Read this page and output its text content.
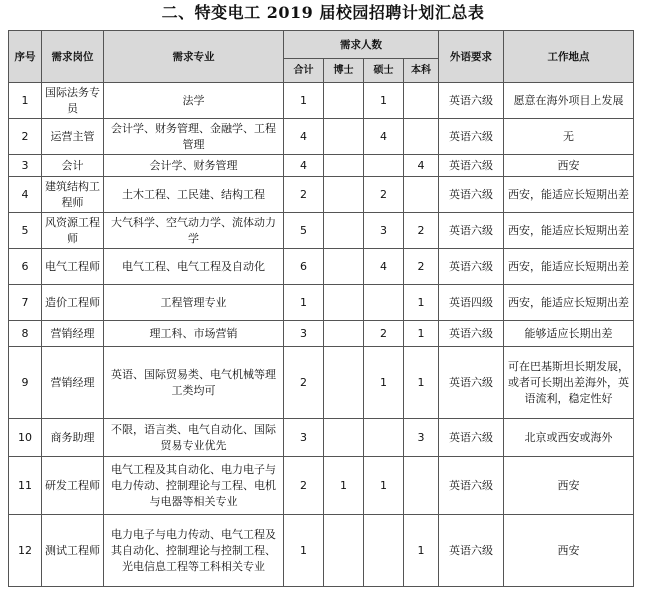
二、特变电工 2019 届校园招聘计划汇总表
序号	需求岗位	需求专业	需求人数				外语要求	工作地点
			合计	博士	硕士	本科		
1	国际法务专员	法学	1		1		英语六级	愿意在海外项目上发展
2	运营主管	会计学、财务管理、金融学、工程管理	4		4		英语六级	无
3	会计	会计学、财务管理	4			4	英语六级	西安
4	建筑结构工程师	土木工程、工民建、结构工程	2		2		英语六级	西安，能适应长短期出差
5	风资源工程师	大气科学、空气动力学、流体动力学	5		3	2	英语六级	西安，能适应长短期出差
6	电气工程师	电气工程、电气工程及自动化	6		4	2	英语六级	西安，能适应长短期出差
7	造价工程师	工程管理专业	1			1	英语四级	西安，能适应长短期出差
8	营销经理	理工科、市场营销	3		2	1	英语六级	能够适应长期出差
9	营销经理	英语、国际贸易类、电气机械等理工类均可	2		1	1	英语六级	可在巴基斯坦长期发展，或者可长期出差海外，英语流利，稳定性好
10	商务助理	不限，语言类、电气自动化、国际贸易专业优先	3			3	英语六级	北京或西安或海外
11	研发工程师	电气工程及其自动化、电力电子与电力传动、控制理论与工程、电机与电器等相关专业	2	1	1		英语六级	西安
12	测试工程师	电力电子与电力传动、电气工程及其自动化、控制理论与控制工程、光电信息工程等工科相关专业	1			1	英语六级	西安
